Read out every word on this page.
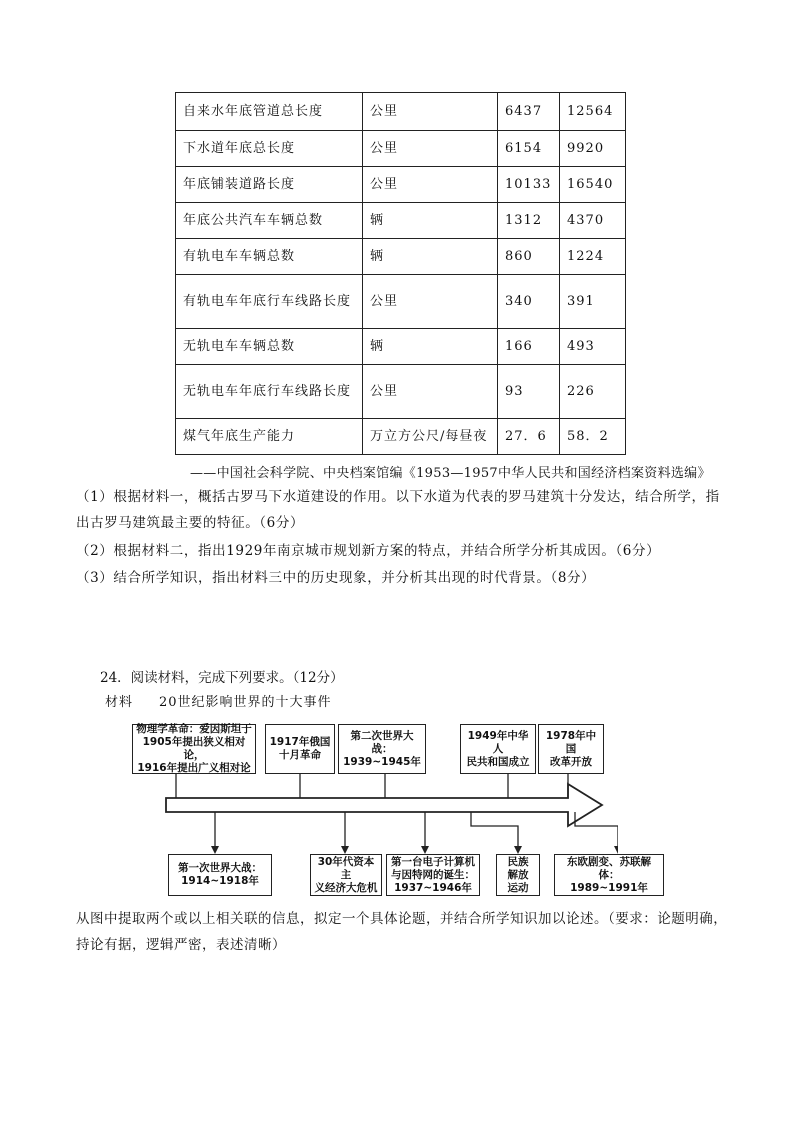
自来水年底管道总长度	公里	6437	12564
下水道年底总长度	公里	6154	9920
年底铺装道路长度	公里	10133	16540
年底公共汽车车辆总数	辆	1312	4370
有轨电车车辆总数	辆	860	1224
有轨电车年底行车线路长度	公里	340	391
无轨电车车辆总数	辆	166	493
无轨电车年底行车线路长度	公里	93	226
煤气年底生产能力	万立方公尺/每昼夜	27．6	58．2
——中国社会科学院、中央档案馆编《1953—1957中华人民共和国经济档案资料选编》
（1）根据材料一，概括古罗马下水道建设的作用。以下水道为代表的罗马建筑十分发达，结合所学，指
出古罗马建筑最主要的特征。（6分）
（2）根据材料二，指出1929年南京城市规划新方案的特点，并结合所学分析其成因。（6分）
（3）结合所学知识，指出材料三中的历史现象，并分析其出现的时代背景。（8分）
24．阅读材料，完成下列要求。（12分）
材料 20世纪影响世界的十大事件
物理学革命：爱因斯坦于
1905年提出狭义相对论，
1916年提出广义相对论
1917年俄国
十月革命
第二次世界大战：
1939~1945年
1949年中华人
民共和国成立
1978年中国
改革开放
第一次世界大战：
1914~1918年
30年代资本主
义经济大危机
第一台电子计算机
与因特网的诞生：
1937~1946年
民族
解放
运动
东欧剧变、苏联解体：
1989~1991年
从图中提取两个或以上相关联的信息，拟定一个具体论题，并结合所学知识加以论述。（要求：论题明确，
持论有据，逻辑严密，表述清晰）
